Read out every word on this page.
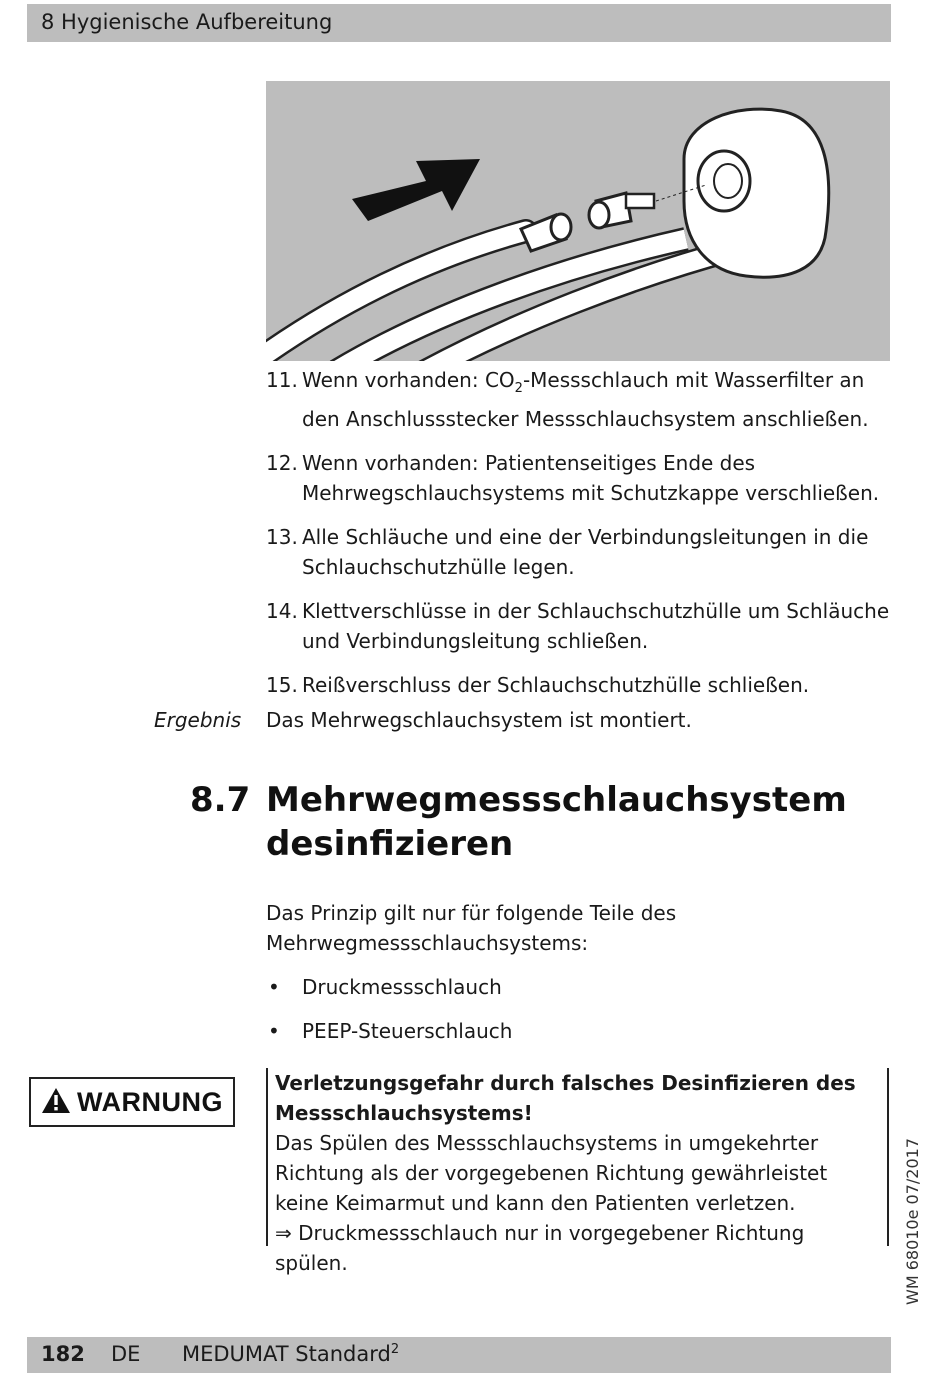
8 Hygienische Aufbereitung
11. Wenn vorhanden: $CO_2$-Messschlauch mit Wasserfilter an den Anschlussstecker Messschlauchsystem anschließen.
12. Wenn vorhanden: Patientenseitiges Ende des Mehrwegschlauchsystems mit Schutzkappe verschließen.
13. Alle Schläuche und eine der Verbindungsleitungen in die Schlauchschutzhülle legen.
14. Klettverschlüsse in der Schlauchschutzhülle um Schläuche und Verbindungsleitung schließen.
15. Reißverschluss der Schlauchschutzhülle schließen.
Ergebnis Das Mehrwegschlauchsystem ist montiert.
8.7 Mehrwegmessschlauchsystem desinfizieren
Das Prinzip gilt nur für folgende Teile des Mehrwegmessschlauchsystems:
• Druckmessschlauch
• PEEP-Steuerschlauch
WARNUNG

Verletzungsgefahr durch falsches Desinfizieren des Messschlauchsystems!

Das Spülen des Messschlauchsystems in umgekehrter Richtung als der vorgegebenen Richtung gewährleistet keine Keimarmut und kann den Patienten verletzen.

⇒ Druckmessschlauch nur in vorgegebener Richtung spülen.	WM 68010e 07/2017
182 DE MEDUMAT Standard$^2$
